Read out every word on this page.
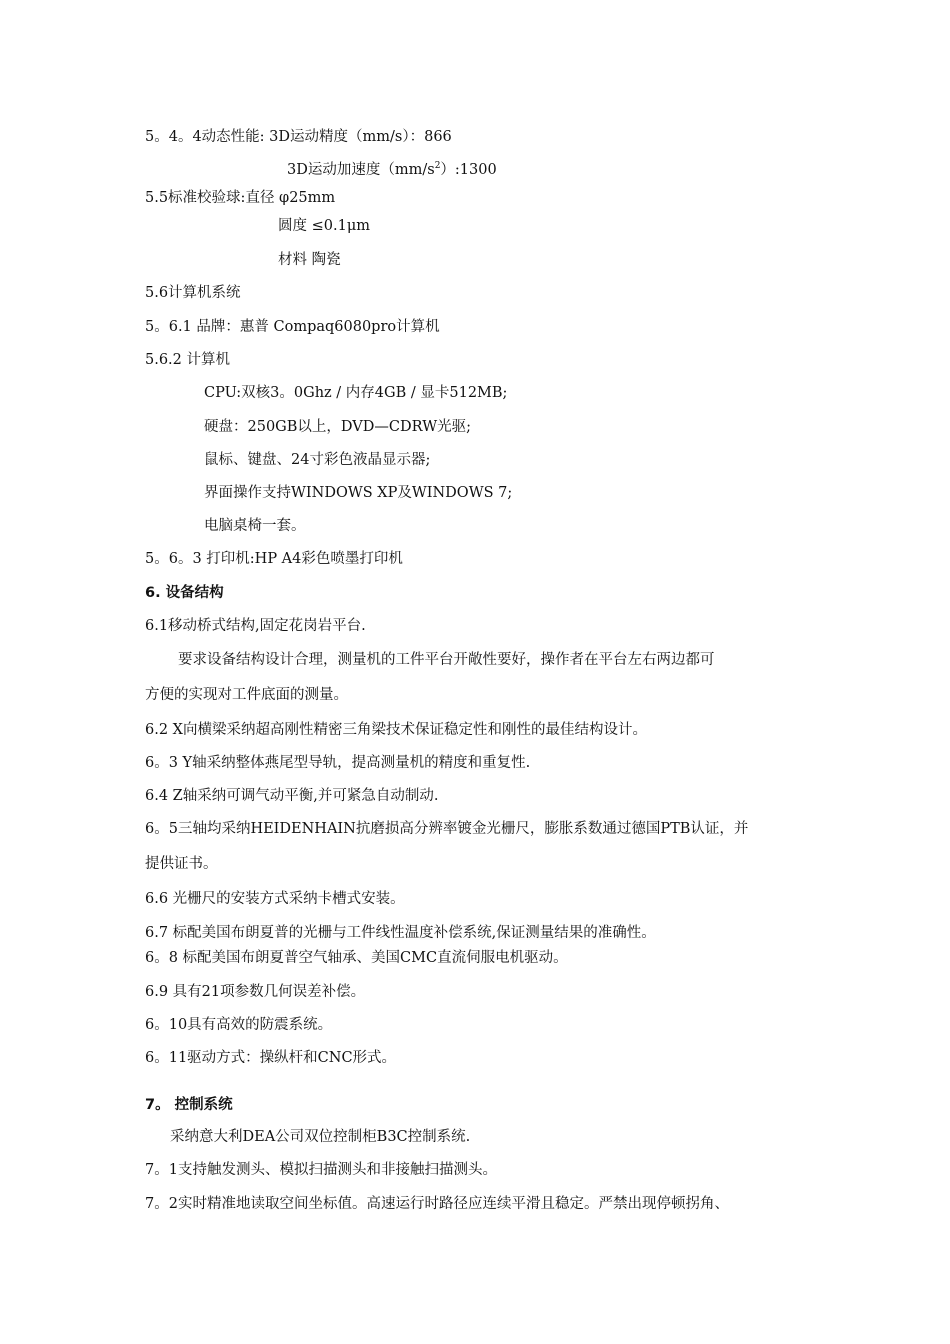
5。4。4动态性能: 3D运动精度（mm/s）：866
3D运动加速度$(mm/s^2):1300$
5.5标准校验球:直径 φ25mm
圆度 ≤0.1μm
材料 陶瓷
5.6计算机系统
5。6.1 品牌：惠普 Compaq6080pro计算机
5.6.2 计算机
CPU:双核3。0Ghz / 内存4GB / 显卡512MB;
硬盘：250GB以上，DVD—CDRW光驱;
鼠标、键盘、24寸彩色液晶显示器;
界面操作支持WINDOWS XP及WINDOWS 7;
电脑桌椅一套。
5。6。3 打印机:HP A4彩色喷墨打印机
6. 设备结构
6.1移动桥式结构,固定花岗岩平台.
要求设备结构设计合理，测量机的工件平台开敞性要好，操作者在平台左右两边都可
方便的实现对工件底面的测量。
6.2 X向横梁采纳超高刚性精密三角梁技术保证稳定性和刚性的最佳结构设计。
6。3 Y轴采纳整体燕尾型导轨，提高测量机的精度和重复性.
6.4 Z轴采纳可调气动平衡,并可紧急自动制动.
6。5三轴均采纳HEIDENHAIN抗磨损高分辨率镀金光栅尺，膨胀系数通过德国PTB认证，并
提供证书。
6.6 光栅尺的安装方式采纳卡槽式安装。
6.7 标配美国布朗夏普的光栅与工件线性温度补偿系统,保证测量结果的准确性。
6。8 标配美国布朗夏普空气轴承、美国CMC直流伺服电机驱动。
6.9 具有21项参数几何误差补偿。
6。10具有高效的防震系统。
6。11驱动方式：操纵杆和CNC形式。
7。 控制系统
采纳意大利DEA公司双位控制柜B3C控制系统.
7。1支持触发测头、模拟扫描测头和非接触扫描测头。
7。2实时精准地读取空间坐标值。高速运行时路径应连续平滑且稳定。严禁出现停顿拐角、
